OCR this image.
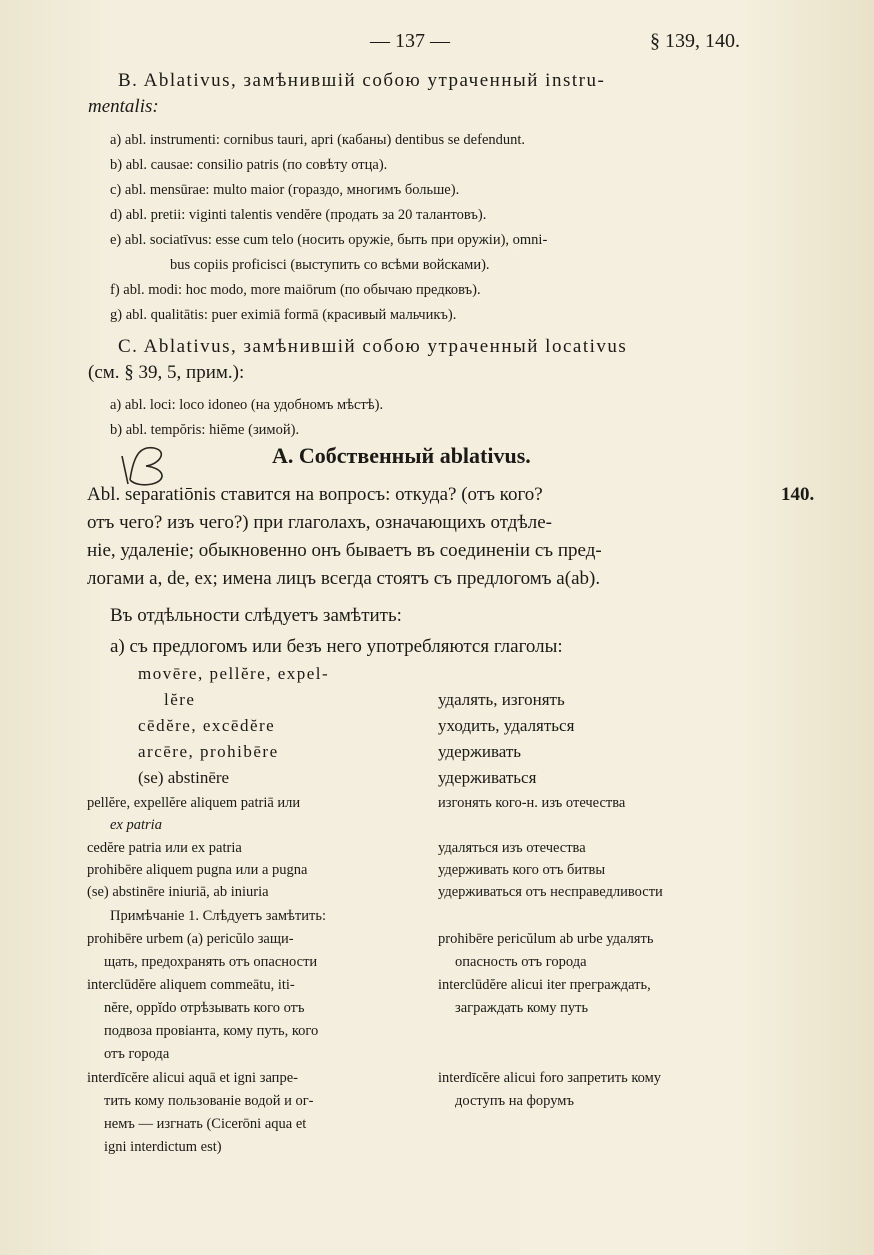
— 137 —	§ 139, 140.
B. Ablativus, замѣнившій собою утраченный instru-
mentalis:
a) abl. instrumenti: cornibus tauri, apri (кабаны) dentibus se defendunt.
b) abl. causae: consilio patris (по совѣту отца).
c) abl. mensūrae: multo maior (гораздо, многимъ больше).
d) abl. pretii: viginti talentis vendĕre (продать за 20 талантовъ).
e) abl. sociatīvus: esse cum telo (носить оружіе, быть при оружіи), omni-
bus copiis proficisci (выступить со всѣми войсками).
f) abl. modi: hoc modo, more maiōrum (по обычаю предковъ).
g) abl. qualitātis: puer eximiā formā (красивый мальчикъ).
C. Ablativus, замѣнившій собою утраченный locativus
(см. § 39, 5, прим.):
a) abl. loci: loco idoneo (на удобномъ мѣстѣ).
b) abl. tempŏris: hiĕme (зимой).
A. Собственный ablativus.
Abl. separatiōnis ставится на вопросъ: откуда? (отъ кого?	140.
отъ чего? изъ чего?) при глаголахъ, означающихъ отдѣле-
ніе, удаленіе; обыкновенно онъ бываетъ въ соединеніи съ пред-
логами a, de, ex; имена лицъ всегда стоятъ съ предлогомъ a(ab).
Въ отдѣльности слѣдуетъ замѣтить:
а) съ предлогомъ или безъ него употребляются глаголы:
movēre, pellĕre, expel-
lĕre	удалять, изгонять
cēdĕre, excēdĕre	уходить, удаляться
arcēre, prohibēre	удерживать
(se) abstinēre	удерживаться
pellĕre, expellĕre aliquem patriā или	изгонять кого-н. изъ отечества
ex patria
cedĕre patria или ex patria	удаляться изъ отечества
prohibēre aliquem pugna или a pugna	удерживать кого отъ битвы
(se) abstinēre iniuriā, ab iniuria	удерживаться отъ несправедливости
Примѣчаніе 1. Слѣдуетъ замѣтить:
prohibēre urbem (a) pericŭlo защи-	prohibēre pericŭlum ab urbe удалять
щать, предохранять отъ опасности	опасность отъ города
interclūdĕre aliquem commeātu, iti-	interclūdĕre alicui iter преграждать,
nĕre, oppĭdo отрѣзывать кого отъ	заграждать кому путь
подвоза провіанта, кому путь, кого
отъ города
interdīcĕre alicui aquā et igni запре-	interdīcĕre alicui foro запретить кому
тить кому пользованіе водой и ог-	доступъ на форумъ
немъ — изгнать (Cicerōni aqua et
igni interdictum est)
